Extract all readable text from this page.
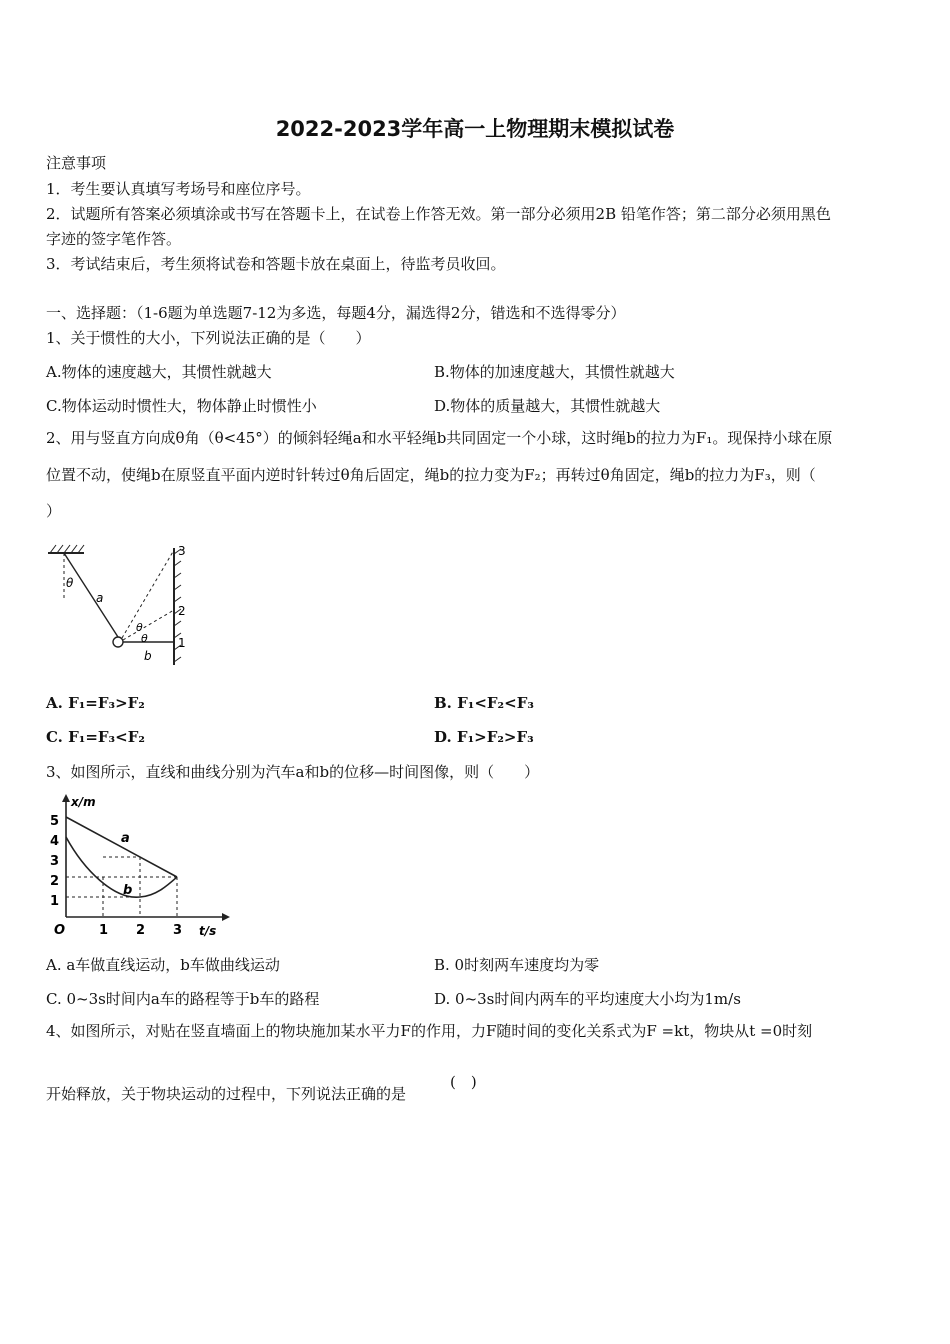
2022-2023学年高一上物理期末模拟试卷
注意事项
1．考生要认真填写考场号和座位序号。
2．试题所有答案必须填涂或书写在答题卡上，在试卷上作答无效。第一部分必须用2B 铅笔作答；第二部分必须用黑色
字迹的签字笔作答。
3．考试结束后，考生须将试卷和答题卡放在桌面上，待监考员收回。
一、选择题：（1-6题为单选题7-12为多选，每题4分，漏选得2分，错选和不选得零分）
1、关于惯性的大小，下列说法正确的是（　　）
A.物体的速度越大，其惯性就越大	B.物体的加速度越大，其惯性就越大
C.物体运动时惯性大，物体静止时惯性小	D.物体的质量越大，其惯性就越大
2、用与竖直方向成θ角（θ<45°）的倾斜轻绳a和水平轻绳b共同固定一个小球，这时绳b的拉力为F₁。现保持小球在原
位置不动，使绳b在原竖直平面内逆时针转过θ角后固定，绳b的拉力变为F₂；再转过θ角固定，绳b的拉力为F₃，则（
）
θ
a
θ
θ
b
1
2
3
A. F₁=F₃>F₂	B. F₁<F₂<F₃
C. F₁=F₃<F₂	D. F₁>F₂>F₃
3、如图所示，直线和曲线分别为汽车a和b的位移—时间图像，则（　　）
x/m
t/s
O
1
2
3
4
5
1 2 3
a
b
A. a车做直线运动，b车做曲线运动	B. 0时刻两车速度均为零
C. 0~3s时间内a车的路程等于b车的路程	D. 0~3s时间内两车的平均速度大小均为1m/s
4、如图所示，对贴在竖直墙面上的物块施加某水平力F的作用，力F随时间的变化关系式为F =kt，物块从t =0时刻
开始释放，关于物块运动的过程中，下列说法正确的是
(　)
